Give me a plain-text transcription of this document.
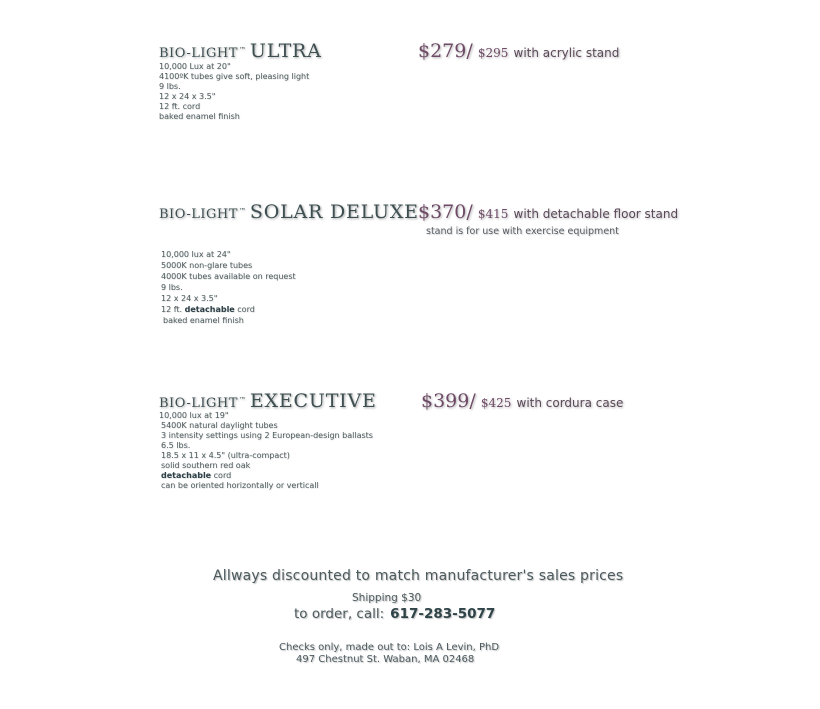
BIO-LIGHT™ ULTRA	$279/ $295 with acrylic stand
10,000 Lux at 20"
4100ºK tubes give soft, pleasing light
9 lbs.
12 x 24 x 3.5"
12 ft. cord
baked enamel finish
BIO-LIGHT™ SOLAR DELUXE $370/ $415 with detachable floor stand
stand is for use with exercise equipment
10,000 lux at 24"
5000K non-glare tubes
4000K tubes available on request
9 lbs.
12 x 24 x 3.5"
12 ft. detachable cord
baked enamel finish
BIO-LIGHT™ EXECUTIVE $399/ $425 with cordura case
10,000 lux at 19"
5400K natural daylight tubes
3 intensity settings using 2 European-design ballasts
6.5 lbs.
18.5 x 11 x 4.5" (ultra-compact)
solid southern red oak
detachable cord
can be oriented horizontally or verticall
Allways discounted to match manufacturer's sales prices
Shipping $30
to order, call: 617-283-5077
Checks only, made out to: Lois A Levin, PhD
497 Chestnut St. Waban, MA 02468
